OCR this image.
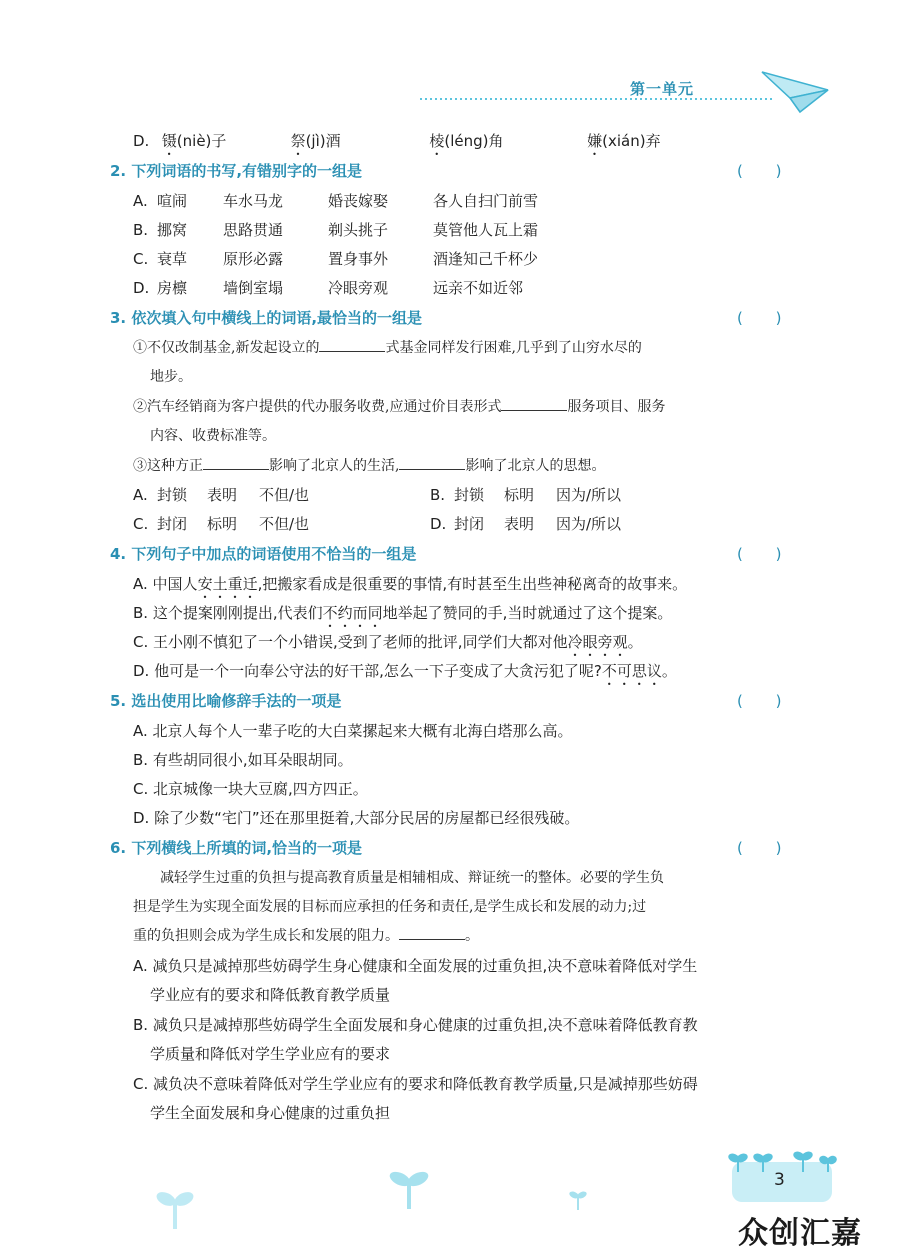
第一单元
D. 镊(niè)子	祭(jì)酒	棱(léng)角	嫌(xián)弃
2. 下列词语的书写,有错别字的一组是	( )
A. 喧闹 车水马龙	婚丧嫁娶	各人自扫门前雪
B. 挪窝 思路贯通	剃头挑子	莫管他人瓦上霜
C. 衰草 原形必露	置身事外	酒逢知己千杯少
D. 房檩 墙倒室塌	冷眼旁观	远亲不如近邻
3. 依次填入句中横线上的词语,最恰当的一组是	( )
①不仅改制基金,新发起设立的	式基金同样发行困难,几乎到了山穷水尽的
地步。
②汽车经销商为客户提供的代办服务收费,应通过价目表形式	服务项目、服务
内容、收费标准等。
③这种方正	影响了北京人的生活,	影响了北京人的思想。
A. 封锁 表明 不但/也	B. 封锁 标明 因为/所以
C. 封闭 标明 不但/也	D. 封闭 表明 因为/所以
4. 下列句子中加点的词语使用不恰当的一组是	( )
A. 中国人安土重迁,把搬家看成是很重要的事情,有时甚至生出些神秘离奇的故事来。
B. 这个提案刚刚提出,代表们不约而同地举起了赞同的手,当时就通过了这个提案。
C. 王小刚不慎犯了一个小错误,受到了老师的批评,同学们大都对他冷眼旁观。
D. 他可是一个一向奉公守法的好干部,怎么一下子变成了大贪污犯了呢?不可思议。
5. 选出使用比喻修辞手法的一项是	( )
A. 北京人每个人一辈子吃的大白菜摞起来大概有北海白塔那么高。
B. 有些胡同很小,如耳朵眼胡同。
C. 北京城像一块大豆腐,四方四正。
D. 除了少数“宅门”还在那里挺着,大部分民居的房屋都已经很残破。
6. 下列横线上所填的词,恰当的一项是	( )
减轻学生过重的负担与提高教育质量是相辅相成、辩证统一的整体。必要的学生负
担是学生为实现全面发展的目标而应承担的任务和责任,是学生成长和发展的动力;过
重的负担则会成为学生成长和发展的阻力。	。
A. 减负只是减掉那些妨碍学生身心健康和全面发展的过重负担,决不意味着降低对学生
学业应有的要求和降低教育教学质量
B. 减负只是减掉那些妨碍学生全面发展和身心健康的过重负担,决不意味着降低教育教
学质量和降低对学生学业应有的要求
C. 减负决不意味着降低对学生学业应有的要求和降低教育教学质量,只是减掉那些妨碍
学生全面发展和身心健康的过重负担
3
众创汇嘉
